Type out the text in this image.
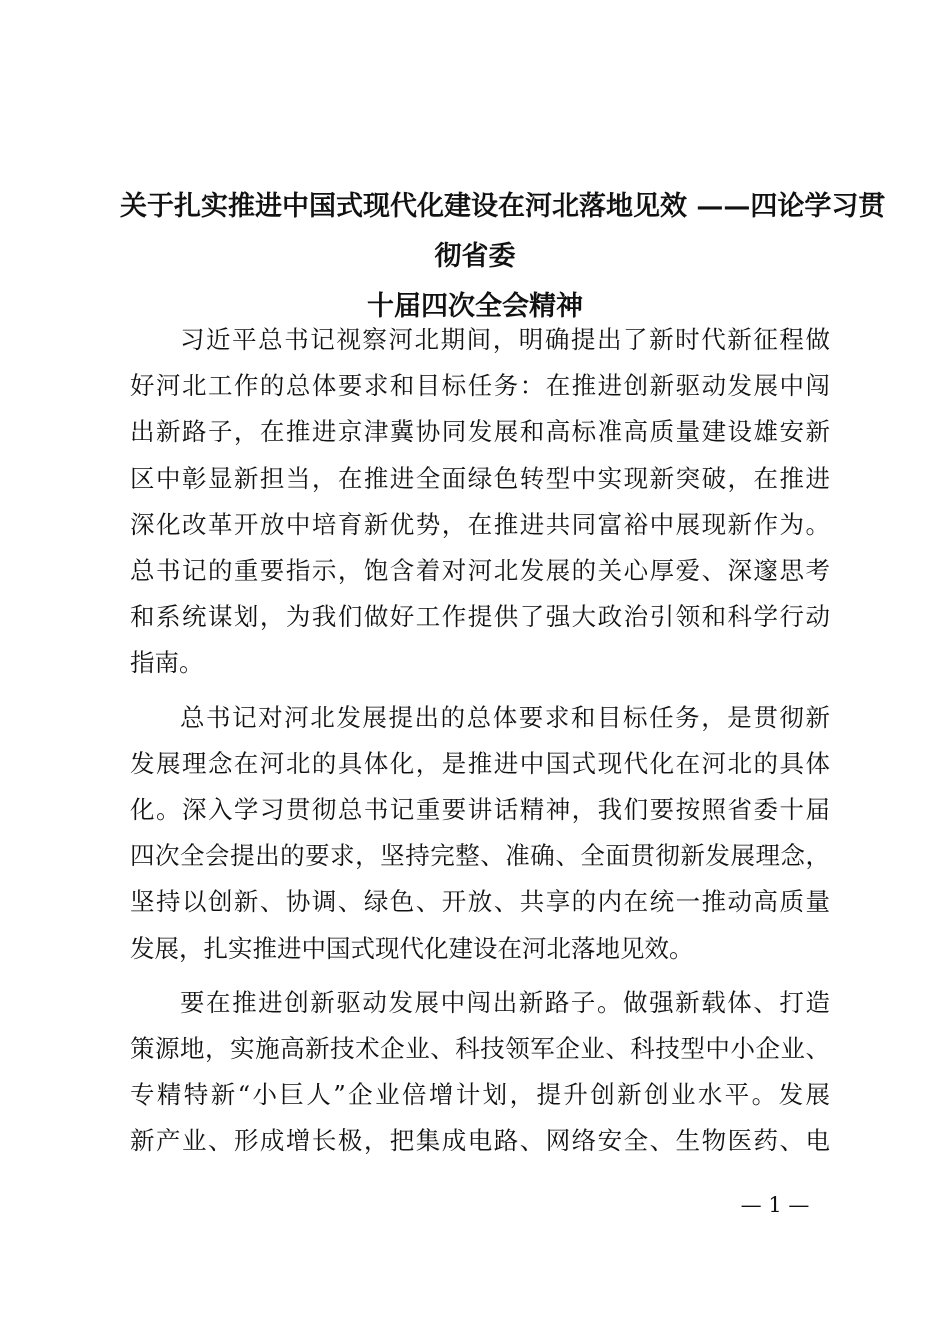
关于扎实推进中国式现代化建设在河北落地见效 ——四论学习贯
彻省委
十届四次全会精神

习近平总书记视察河北期间，明确提出了新时代新征程做
好河北工作的总体要求和目标任务：在推进创新驱动发展中闯
出新路子，在推进京津冀协同发展和高标准高质量建设雄安新
区中彰显新担当，在推进全面绿色转型中实现新突破，在推进
深化改革开放中培育新优势，在推进共同富裕中展现新作为。
总书记的重要指示，饱含着对河北发展的关心厚爱、深邃思考
和系统谋划，为我们做好工作提供了强大政治引领和科学行动
指南。

总书记对河北发展提出的总体要求和目标任务，是贯彻新
发展理念在河北的具体化，是推进中国式现代化在河北的具体
化。深入学习贯彻总书记重要讲话精神，我们要按照省委十届
四次全会提出的要求，坚持完整、准确、全面贯彻新发展理念，
坚持以创新、协调、绿色、开放、共享的内在统一推动高质量
发展，扎实推进中国式现代化建设在河北落地见效。

要在推进创新驱动发展中闯出新路子。做强新载体、打造
策源地，实施高新技术企业、科技领军企业、科技型中小企业、
专精特新“小巨人”企业倍增计划，提升创新创业水平。发展
新产业、形成增长极，把集成电路、网络安全、生物医药、电

— 1 —
